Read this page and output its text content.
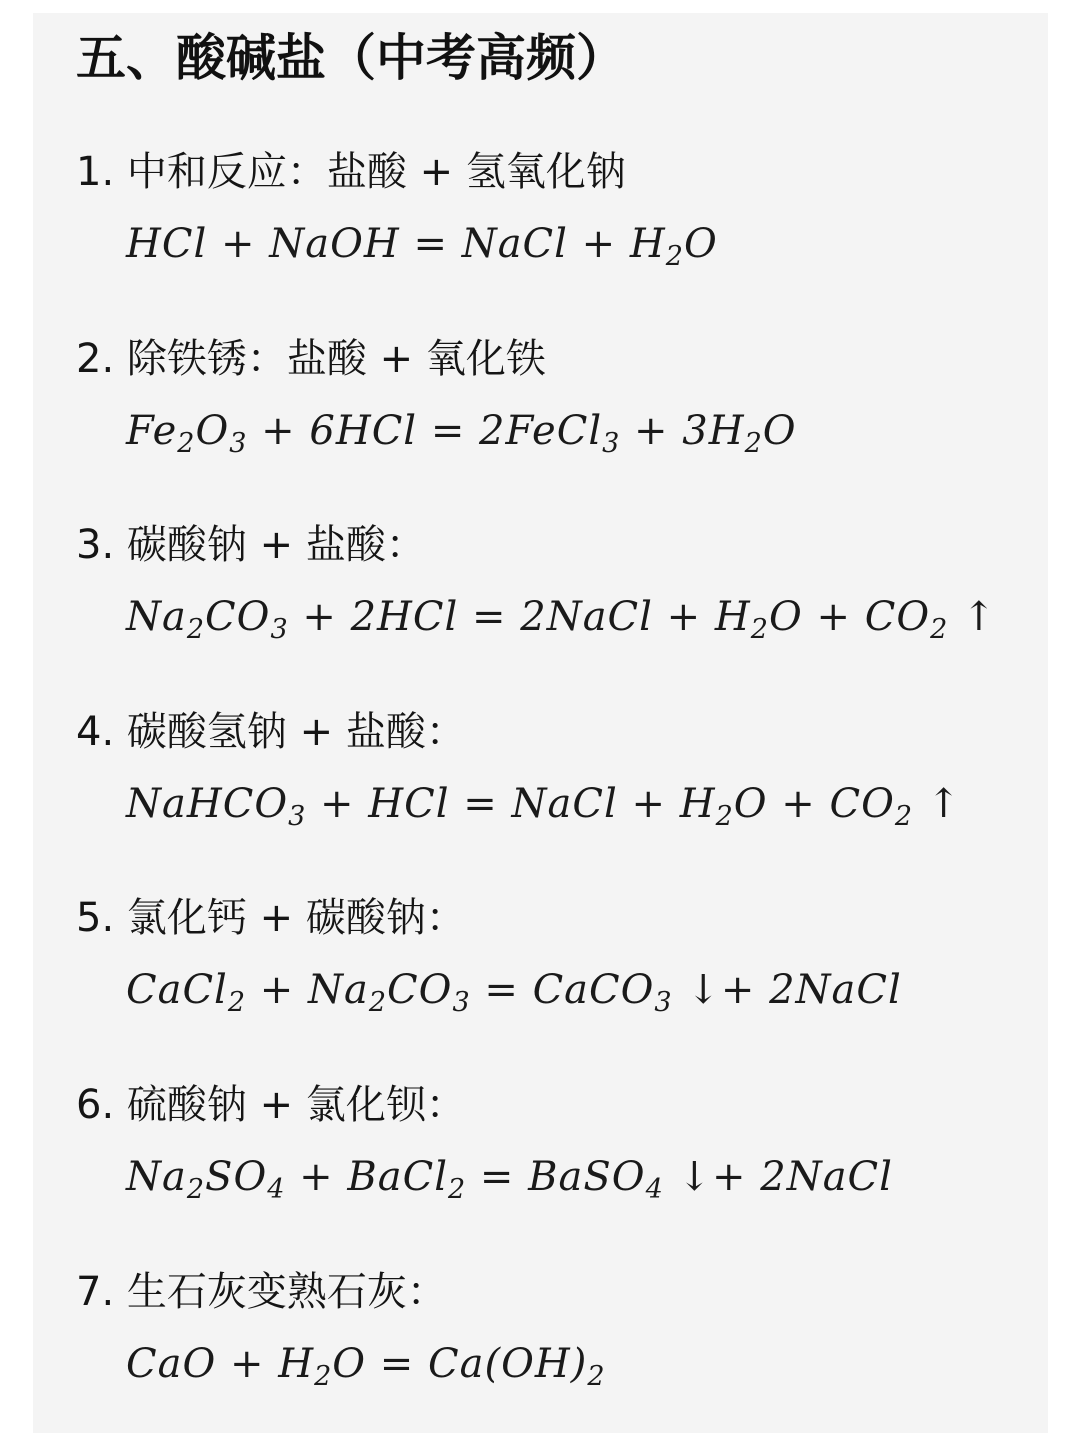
五、酸碱盐（中考高频）
1. 中和反应：盐酸 + 氢氧化钠
HCl + NaOH = NaCl + $H_2O$
2. 除铁锈：盐酸 + 氧化铁
$Fe_2O_3 + 6HCl$ = 2FeCl$_3$ + $3H_2O$
3. 碳酸钠 + 盐酸：
$Na_2CO_3 + 2HCl$ = 2NaCl + $H_2O + CO_2$ ↑
4. 碳酸氢钠 + 盐酸：
NaHCO$_3$ + HCl = NaCl + $H_2O + CO_2$ ↑
5. 氯化钙 + 碳酸钠：
CaCl$_2$ + $Na_2CO_3$ = CaCO$_3$ ↓+ 2NaCl
6. 硫酸钠 + 氯化钡：
$Na_2SO_4$ + BaCl$_2$ = BaSO$_4$ ↓+ 2NaCl
7. 生石灰变熟石灰：
CaO + $H_2O = Ca(OH)_2$
